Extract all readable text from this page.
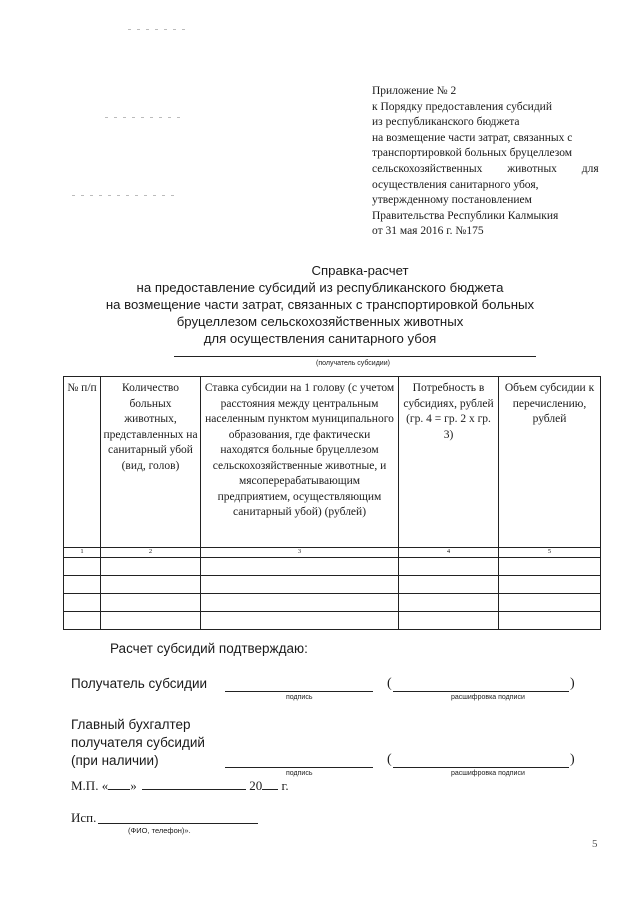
Приложение № 2
к Порядку предоставления субсидий
из республиканского бюджета
на возмещение части затрат, связанных с
транспортировкой больных бруцеллезом
сельскохозяйственных животных для
осуществления санитарного убоя,
утвержденному постановлением
Правительства Республики Калмыкия
от 31 мая 2016 г. №175
Справка-расчет
на предоставление субсидий из республиканского бюджета
на возмещение части затрат, связанных с транспортировкой больных
бруцеллезом сельскохозяйственных животных
для осуществления санитарного убоя
(получатель субсидии)
№ п/п	Количество больных животных, представленных на санитарный убой (вид, голов)	Ставка субсидии на 1 голову (с учетом расстояния между центральным населенным пунктом муниципального образования, где фактически находятся больные бруцеллезом сельскохозяйственные животные, и мясоперерабатывающим предприятием, осуществляющим санитарный убой) (рублей)	Потребность в субсидиях, рублей (гр. 4 = гр. 2 x гр. 3)	Объем субсидии к перечислению, рублей
1	2	3	4	5

Расчет субсидий подтверждаю:
Получатель субсидии
подпись
(	)
расшифровка подписи
Главный бухгалтер
получателя субсидий
(при наличии)
подпись
(	)
расшифровка подписи
М.П. « »	20 г.
Исп.
(ФИО, телефон)».
5
